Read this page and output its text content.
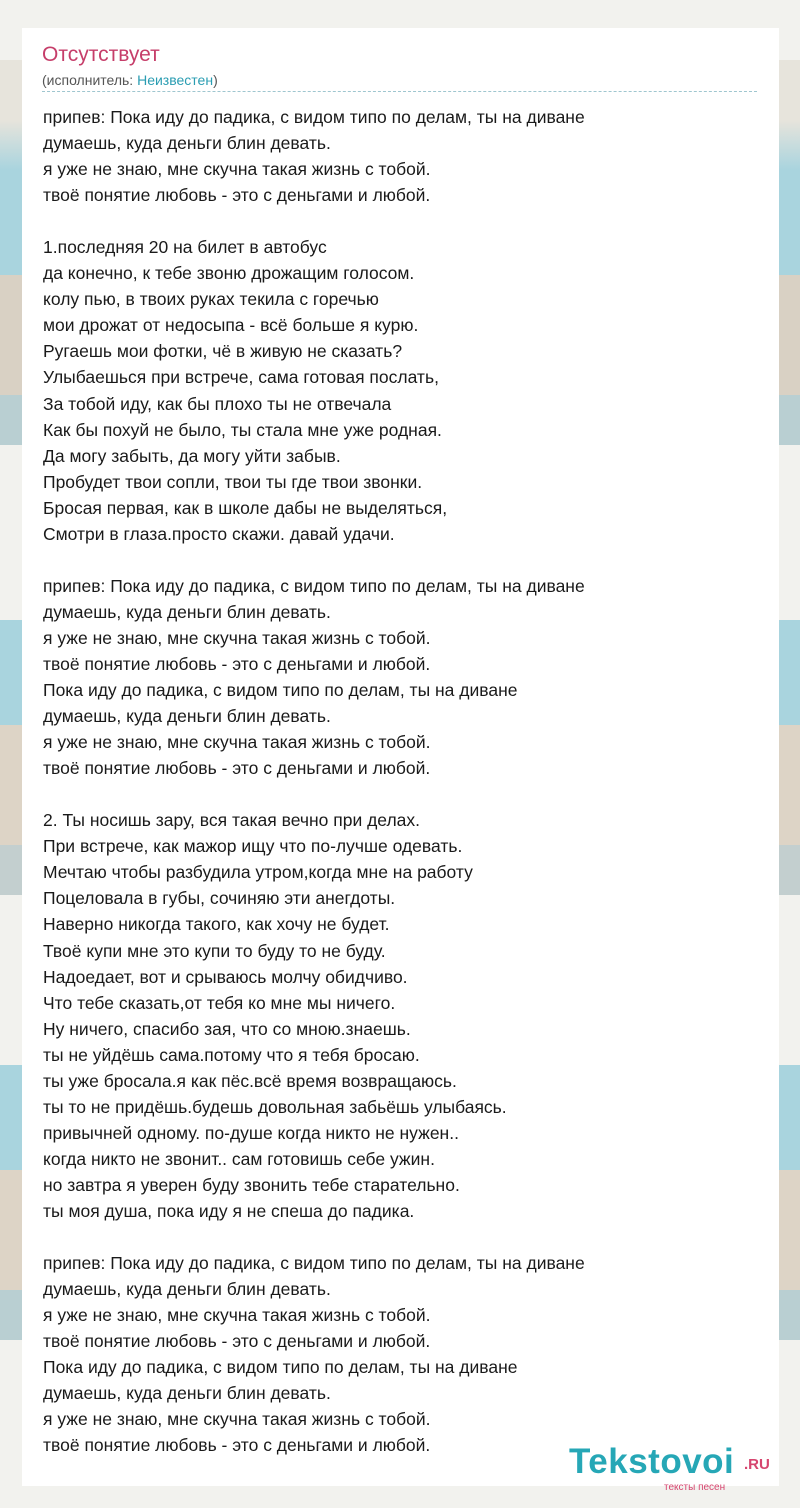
Отсутствует
(исполнитель: Неизвестен)
припев: Пока иду до падика, с видом типо по делам, ты на диване
думаешь, куда деньги блин девать.
я уже не знаю, мне скучна такая жизнь с тобой.
твоё понятие любовь - это с деньгами и любой.

1.последняя 20 на билет в автобус
да конечно, к тебе звоню дрожащим голосом.
колу пью, в твоих руках текила с горечью
мои дрожат от недосыпа - всё больше я курю.
Ругаешь мои фотки, чё в живую не сказать?
Улыбаешься при встрече, сама готовая послать,
За тобой иду, как бы плохо ты не отвечала
Как бы похуй не было, ты стала мне уже родная.
Да могу забыть, да могу уйти забыв.
Пробудет твои сопли, твои ты где твои звонки.
Бросая первая, как в школе дабы не выделяться,
Смотри в глаза.просто скажи. давай удачи.

припев: Пока иду до падика, с видом типо по делам, ты на диване
думаешь, куда деньги блин девать.
я уже не знаю, мне скучна такая жизнь с тобой.
твоё понятие любовь - это с деньгами и любой.
Пока иду до падика, с видом типо по делам, ты на диване
думаешь, куда деньги блин девать.
я уже не знаю, мне скучна такая жизнь с тобой.
твоё понятие любовь - это с деньгами и любой.

2. Ты носишь зару, вся такая вечно при делах.
При встрече, как мажор ищу что по-лучше одевать.
Мечтаю чтобы разбудила утром,когда мне на работу
Поцеловала в губы, сочиняю эти анегдоты.
Наверно никогда такого, как хочу не будет.
Твоё купи мне это купи то буду то не буду.
Надоедает, вот и срываюсь молчу обидчиво.
Что тебе сказать,от тебя ко мне мы ничего.
Ну ничего, спасибо зая, что со мною.знаешь.
ты не уйдёшь сама.потому что я тебя бросаю.
ты уже бросала.я как пёс.всё время возвращаюсь.
ты то не придёшь.будешь довольная забьёшь улыбаясь.
привычней одному. по-душе когда никто не нужен..
когда никто не звонит.. сам готовишь себе ужин.
но завтра я уверен буду звонить тебе старательно.
ты моя душа, пока иду я не спеша до падика.

припев: Пока иду до падика, с видом типо по делам, ты на диване
думаешь, куда деньги блин девать.
я уже не знаю, мне скучна такая жизнь с тобой.
твоё понятие любовь - это с деньгами и любой.
Пока иду до падика, с видом типо по делам, ты на диване
думаешь, куда деньги блин девать.
я уже не знаю, мне скучна такая жизнь с тобой.
твоё понятие любовь - это с деньгами и любой.	Tekstovoi .RU
тексты песен
